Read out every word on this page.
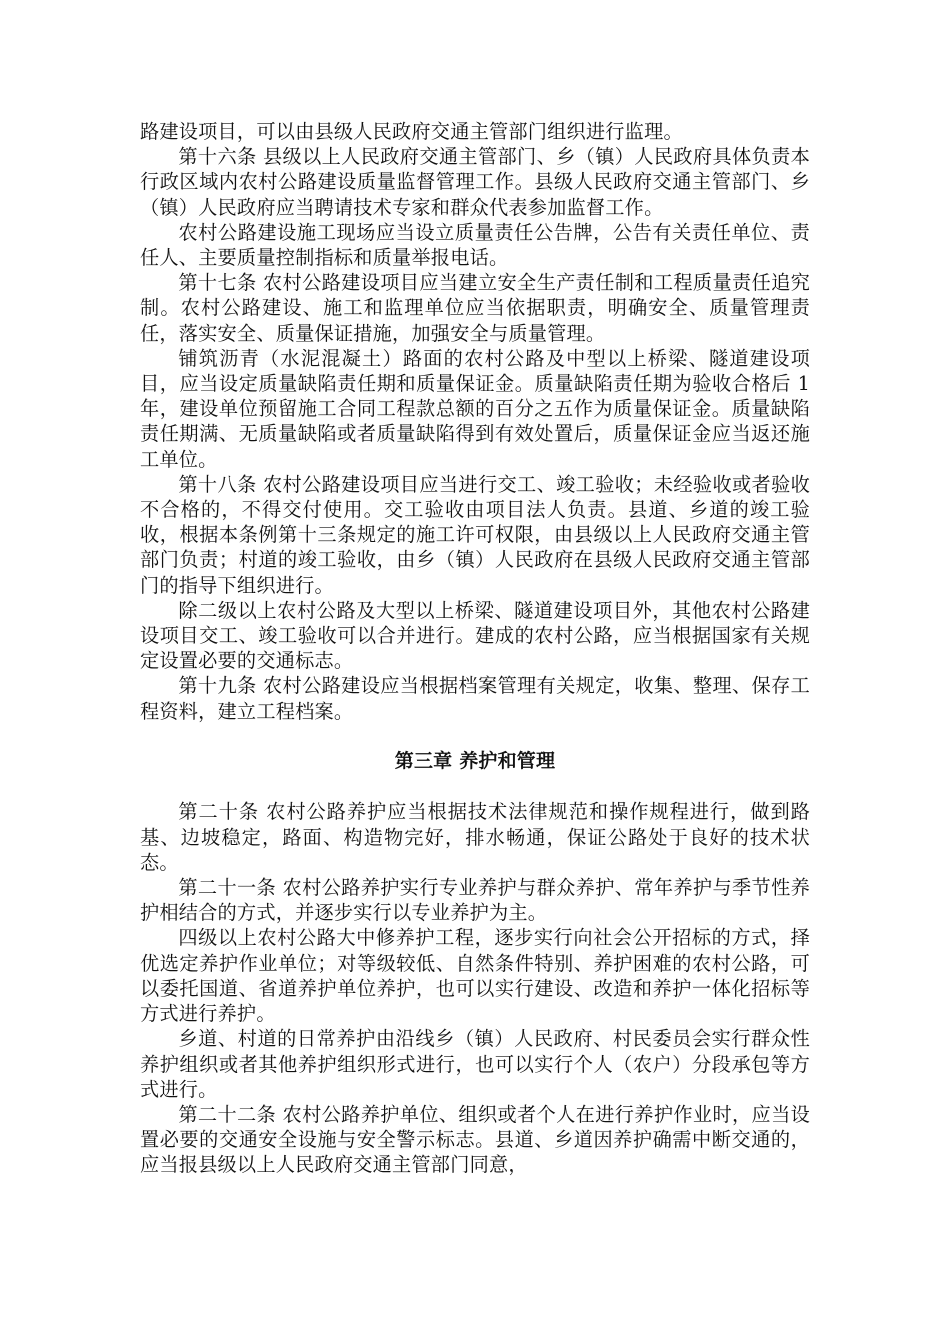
路建设项目，可以由县级人民政府交通主管部门组织进行监理。

第十六条 县级以上人民政府交通主管部门、乡（镇）人民政府具体负责本行政区域内农村公路建设质量监督管理工作。县级人民政府交通主管部门、乡（镇）人民政府应当聘请技术专家和群众代表参加监督工作。

农村公路建设施工现场应当设立质量责任公告牌，公告有关责任单位、责任人、主要质量控制指标和质量举报电话。

第十七条 农村公路建设项目应当建立安全生产责任制和工程质量责任追究制。农村公路建设、施工和监理单位应当依据职责，明确安全、质量管理责任，落实安全、质量保证措施，加强安全与质量管理。

铺筑沥青（水泥混凝土）路面的农村公路及中型以上桥梁、隧道建设项目，应当设定质量缺陷责任期和质量保证金。质量缺陷责任期为验收合格后 1 年，建设单位预留施工合同工程款总额的百分之五作为质量保证金。质量缺陷责任期满、无质量缺陷或者质量缺陷得到有效处置后，质量保证金应当返还施工单位。

第十八条 农村公路建设项目应当进行交工、竣工验收；未经验收或者验收不合格的，不得交付使用。交工验收由项目法人负责。县道、乡道的竣工验收，根据本条例第十三条规定的施工许可权限，由县级以上人民政府交通主管部门负责；村道的竣工验收，由乡（镇）人民政府在县级人民政府交通主管部门的指导下组织进行。

除二级以上农村公路及大型以上桥梁、隧道建设项目外，其他农村公路建设项目交工、竣工验收可以合并进行。建成的农村公路，应当根据国家有关规定设置必要的交通标志。

第十九条 农村公路建设应当根据档案管理有关规定，收集、整理、保存工程资料，建立工程档案。

第三章 养护和管理

第二十条 农村公路养护应当根据技术法律规范和操作规程进行，做到路基、边坡稳定，路面、构造物完好，排水畅通，保证公路处于良好的技术状态。

第二十一条 农村公路养护实行专业养护与群众养护、常年养护与季节性养护相结合的方式，并逐步实行以专业养护为主。

四级以上农村公路大中修养护工程，逐步实行向社会公开招标的方式，择优选定养护作业单位；对等级较低、自然条件特别、养护困难的农村公路，可以委托国道、省道养护单位养护，也可以实行建设、改造和养护一体化招标等方式进行养护。

乡道、村道的日常养护由沿线乡（镇）人民政府、村民委员会实行群众性养护组织或者其他养护组织形式进行，也可以实行个人（农户）分段承包等方式进行。

第二十二条 农村公路养护单位、组织或者个人在进行养护作业时，应当设置必要的交通安全设施与安全警示标志。县道、乡道因养护确需中断交通的，应当报县级以上人民政府交通主管部门同意，
